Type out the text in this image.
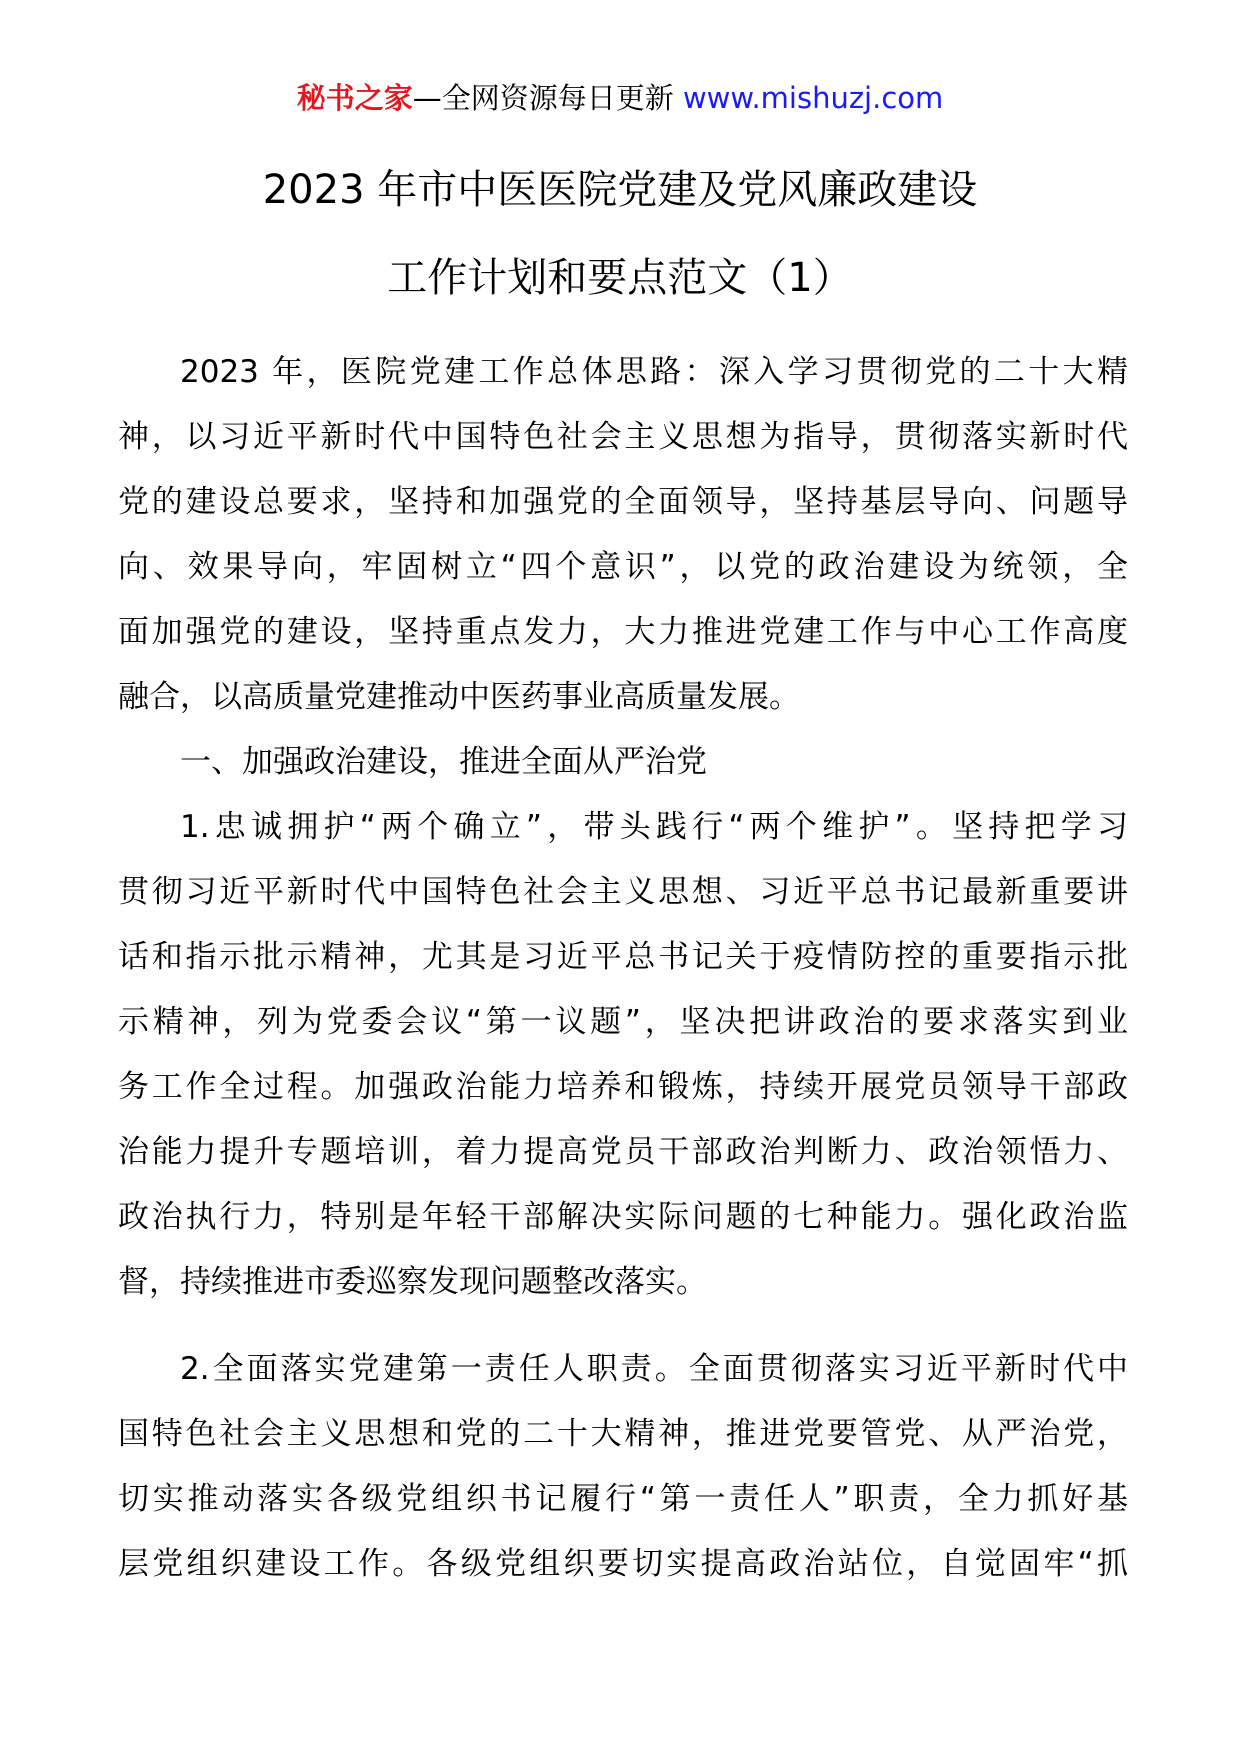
秘书之家—全网资源每日更新 www.mishuzj.com
2023 年市中医医院党建及党风廉政建设
工作计划和要点范文（1）
2023 年，医院党建工作总体思路：深入学习贯彻党的二十大精
神，以习近平新时代中国特色社会主义思想为指导，贯彻落实新时代
党的建设总要求，坚持和加强党的全面领导，坚持基层导向、问题导
向、效果导向，牢固树立“四个意识”，以党的政治建设为统领，全
面加强党的建设，坚持重点发力，大力推进党建工作与中心工作高度
融合，以高质量党建推动中医药事业高质量发展。
一、加强政治建设，推进全面从严治党
1.忠诚拥护“两个确立”，带头践行“两个维护”。坚持把学习
贯彻习近平新时代中国特色社会主义思想、习近平总书记最新重要讲
话和指示批示精神，尤其是习近平总书记关于疫情防控的重要指示批
示精神，列为党委会议“第一议题”，坚决把讲政治的要求落实到业
务工作全过程。加强政治能力培养和锻炼，持续开展党员领导干部政
治能力提升专题培训，着力提高党员干部政治判断力、政治领悟力、
政治执行力，特别是年轻干部解决实际问题的七种能力。强化政治监
督，持续推进市委巡察发现问题整改落实。
2.全面落实党建第一责任人职责。全面贯彻落实习近平新时代中
国特色社会主义思想和党的二十大精神，推进党要管党、从严治党，
切实推动落实各级党组织书记履行“第一责任人”职责，全力抓好基
层党组织建设工作。各级党组织要切实提高政治站位，自觉固牢“抓
